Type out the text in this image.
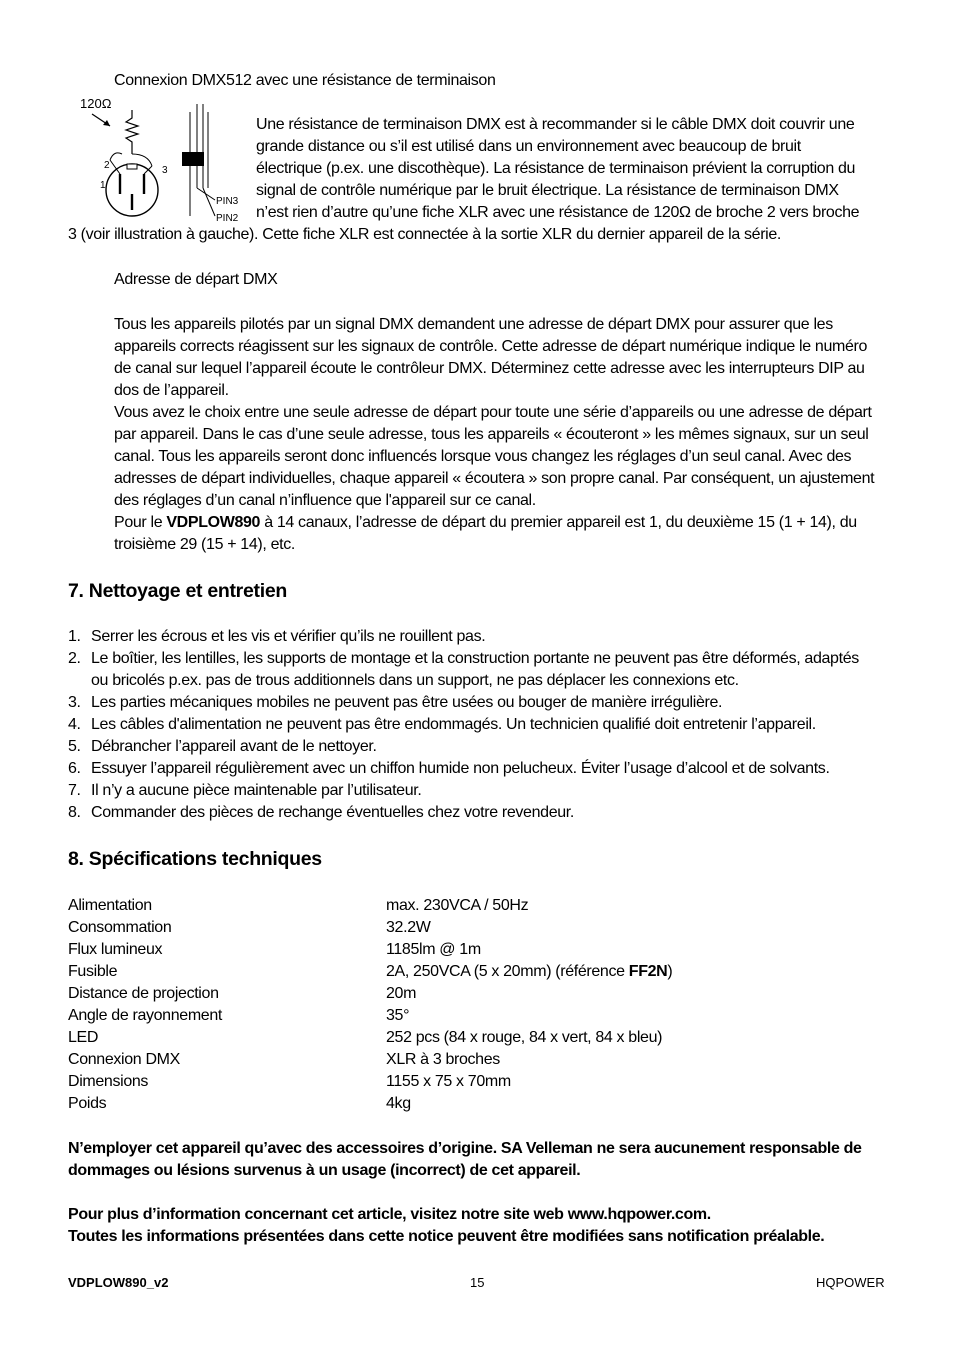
Connexion DMX512 avec une résistance de terminaison
120Ω
2	3
1
PIN3
PIN2
Une résistance de terminaison DMX est à recommander si le câble DMX doit couvrir une
grande distance ou s’il est utilisé dans un environnement avec beaucoup de bruit
électrique (p.ex. une discothèque). La résistance de terminaison prévient la corruption du
signal de contrôle numérique par le bruit électrique. La résistance de terminaison DMX
n’est rien d’autre qu’une fiche XLR avec une résistance de 120Ω de broche 2 vers broche
3 (voir illustration à gauche). Cette fiche XLR est connectée à la sortie XLR du dernier appareil de la série.
Adresse de départ DMX
Tous les appareils pilotés par un signal DMX demandent une adresse de départ DMX pour assurer que les appareils corrects réagissent sur les signaux de contrôle. Cette adresse de départ numérique indique le numéro de canal sur lequel l’appareil écoute le contrôleur DMX. Déterminez cette adresse avec les interrupteurs DIP au dos de l’appareil.
Vous avez le choix entre une seule adresse de départ pour toute une série d’appareils ou une adresse de départ par appareil. Dans le cas d’une seule adresse, tous les appareils « écouteront » les mêmes signaux, sur un seul canal. Tous les appareils seront donc influencés lorsque vous changez les réglages d’un seul canal. Avec des adresses de départ individuelles, chaque appareil « écoutera » son propre canal. Par conséquent, un ajustement des réglages d’un canal n’influence que l'appareil sur ce canal.
Pour le VDPLOW890 à 14 canaux, l’adresse de départ du premier appareil est 1, du deuxième 15 (1 + 14), du troisième 29 (15 + 14), etc.
7. Nettoyage et entretien
1. Serrer les écrous et les vis et vérifier qu’ils ne rouillent pas.
2. Le boîtier, les lentilles, les supports de montage et la construction portante ne peuvent pas être déformés, adaptés ou bricolés p.ex. pas de trous additionnels dans un support, ne pas déplacer les connexions etc.
3. Les parties mécaniques mobiles ne peuvent pas être usées ou bouger de manière irrégulière.
4. Les câbles d'alimentation ne peuvent pas être endommagés. Un technicien qualifié doit entretenir l’appareil.
5. Débrancher l’appareil avant de le nettoyer.
6. Essuyer l’appareil régulièrement avec un chiffon humide non pelucheux. Éviter l’usage d’alcool et de solvants.
7. Il n’y a aucune pièce maintenable par l’utilisateur.
8. Commander des pièces de rechange éventuelles chez votre revendeur.
8. Spécifications techniques
Alimentation	max. 230VCA / 50Hz
Consommation	32.2W
Flux lumineux	1185lm @ 1m
Fusible	2A, 250VCA (5 x 20mm) (référence FF2N)
Distance de projection	20m
Angle de rayonnement	35°
LED	252 pcs (84 x rouge, 84 x vert, 84 x bleu)
Connexion DMX	XLR à 3 broches
Dimensions	1155 x 75 x 70mm
Poids	4kg
N’employer cet appareil qu’avec des accessoires d’origine. SA Velleman ne sera aucunement responsable de dommages ou lésions survenus à un usage (incorrect) de cet appareil.
Pour plus d’information concernant cet article, visitez notre site web www.hqpower.com.
Toutes les informations présentées dans cette notice peuvent être modifiées sans notification préalable.
VDPLOW890_v2	15	HQPOWER
